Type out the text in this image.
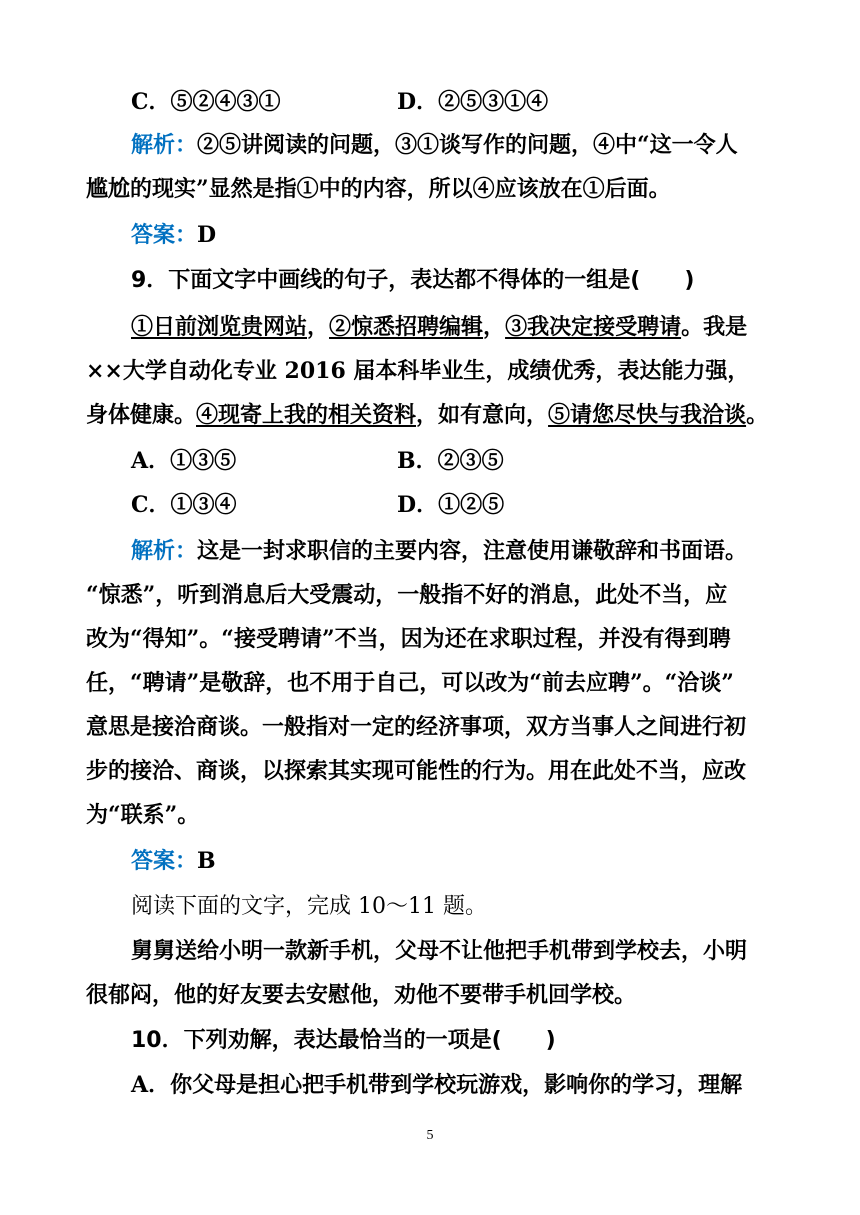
C．⑤②④③①	D．②⑤③①④
解析：②⑤讲阅读的问题，③①谈写作的问题，④中“这一令人
尴尬的现实”显然是指①中的内容，所以④应该放在①后面。
答案：D
9．下面文字中画线的句子，表达都不得体的一组是(　　)
①日前浏览贵网站，②惊悉招聘编辑，③我决定接受聘请。我是
××大学自动化专业 2016 届本科毕业生，成绩优秀，表达能力强，
身体健康。④现寄上我的相关资料，如有意向，⑤请您尽快与我洽谈。
A．①③⑤	B．②③⑤
C．①③④	D．①②⑤
解析：这是一封求职信的主要内容，注意使用谦敬辞和书面语。
“惊悉”，听到消息后大受震动，一般指不好的消息，此处不当，应
改为“得知”。“接受聘请”不当，因为还在求职过程，并没有得到聘
任，“聘请”是敬辞，也不用于自己，可以改为“前去应聘”。“洽谈”
意思是接洽商谈。一般指对一定的经济事项，双方当事人之间进行初
步的接洽、商谈，以探索其实现可能性的行为。用在此处不当，应改
为“联系”。
答案：B
阅读下面的文字，完成 10～11 题。
舅舅送给小明一款新手机，父母不让他把手机带到学校去，小明
很郁闷，他的好友要去安慰他，劝他不要带手机回学校。
10．下列劝解，表达最恰当的一项是(　　)
A．你父母是担心把手机带到学校玩游戏，影响你的学习，理解
5
